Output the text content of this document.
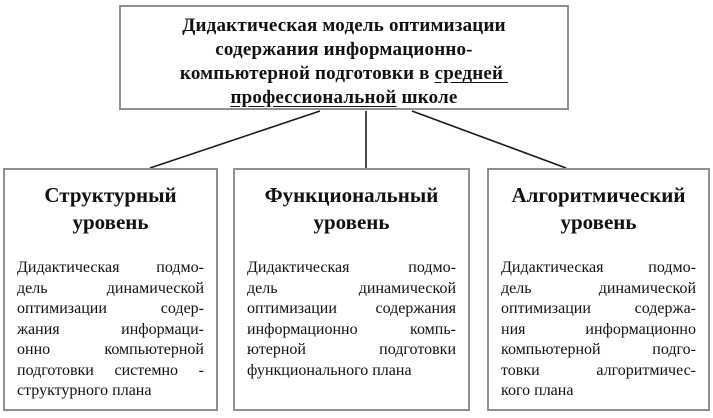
Дидактическая модель оптимизации
содержания информационно-
компьютерной подготовки в средней
профессиональной школе
Структурный
уровень
Дидактическая подмо-
дель динамической
оптимизации содер-
жания информаци-
онно компьютерной
подготовки системно -
структурного плана
Функциональный
уровень
Дидактическая подмо-
дель динамической
оптимизации содержания
информационно компь-
ютерной подготовки
функционального плана
Алгоритмический
уровень
Дидактическая подмо-
дель динамической
оптимизации содержа-
ния информационно
компьютерной подго-
товки алгоритмичес-
кого плана
